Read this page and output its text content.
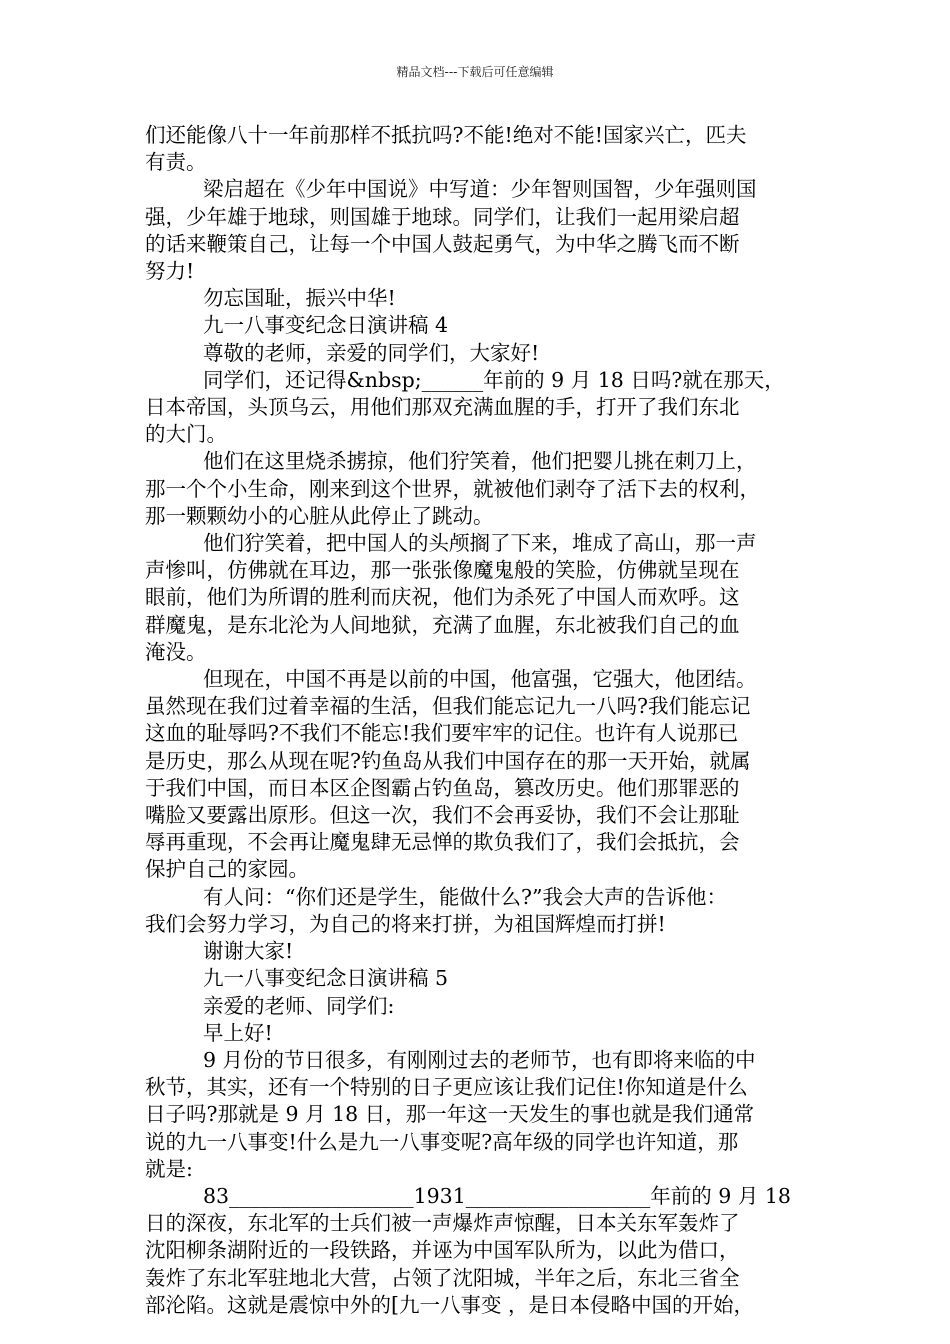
精品文档---下载后可任意编辑

们还能像八十一年前那样不抵抗吗?不能!绝对不能!国家兴亡，匹夫

有责。

梁启超在《少年中国说》中写道：少年智则国智，少年强则国

强，少年雄于地球，则国雄于地球。同学们，让我们一起用梁启超

的话来鞭策自己，让每一个中国人鼓起勇气，为中华之腾飞而不断

努力!

勿忘国耻，振兴中华!

九一八事变纪念日演讲稿 4

尊敬的老师，亲爱的同学们，大家好!

同学们，还记得&nbsp;______年前的 9 月 18 日吗?就在那天，

日本帝国，头顶乌云，用他们那双充满血腥的手，打开了我们东北

的大门。

他们在这里烧杀掳掠，他们狞笑着，他们把婴儿挑在刺刀上，

那一个个小生命，刚来到这个世界，就被他们剥夺了活下去的权利，

那一颗颗幼小的心脏从此停止了跳动。

他们狞笑着，把中国人的头颅搁了下来，堆成了高山，那一声

声惨叫，仿佛就在耳边，那一张张像魔鬼般的笑脸，仿佛就呈现在

眼前，他们为所谓的胜利而庆祝，他们为杀死了中国人而欢呼。这

群魔鬼，是东北沦为人间地狱，充满了血腥，东北被我们自己的血

淹没。

但现在，中国不再是以前的中国，他富强，它强大，他团结。

虽然现在我们过着幸福的生活，但我们能忘记九一八吗?我们能忘记

这血的耻辱吗?不我们不能忘!我们要牢牢的记住。也许有人说那已

是历史，那么从现在呢?钓鱼岛从我们中国存在的那一天开始，就属

于我们中国，而日本区企图霸占钓鱼岛，篡改历史。他们那罪恶的

嘴脸又要露出原形。但这一次，我们不会再妥协，我们不会让那耻

辱再重现，不会再让魔鬼肆无忌惮的欺负我们了，我们会抵抗，会

保护自己的家园。

有人问：“你们还是学生，能做什么?”我会大声的告诉他：

我们会努力学习，为自己的将来打拼，为祖国辉煌而打拼!

谢谢大家!

九一八事变纪念日演讲稿 5

亲爱的老师、同学们:

早上好!

9 月份的节日很多，有刚刚过去的老师节，也有即将来临的中

秋节，其实，还有一个特别的日子更应该让我们记住!你知道是什么

日子吗?那就是 9 月 18 日，那一年这一天发生的事也就是我们通常

说的九一八事变!什么是九一八事变呢?高年级的同学也许知道，那

就是:

83__________________1931__________________年前的 9 月 18

日的深夜，东北军的士兵们被一声爆炸声惊醒，日本关东军轰炸了

沈阳柳条湖附近的一段铁路，并诬为中国军队所为，以此为借口，

轰炸了东北军驻地北大营，占领了沈阳城，半年之后，东北三省全

部沦陷。这就是震惊中外的[九一八事变 ，是日本侵略中国的开始，
